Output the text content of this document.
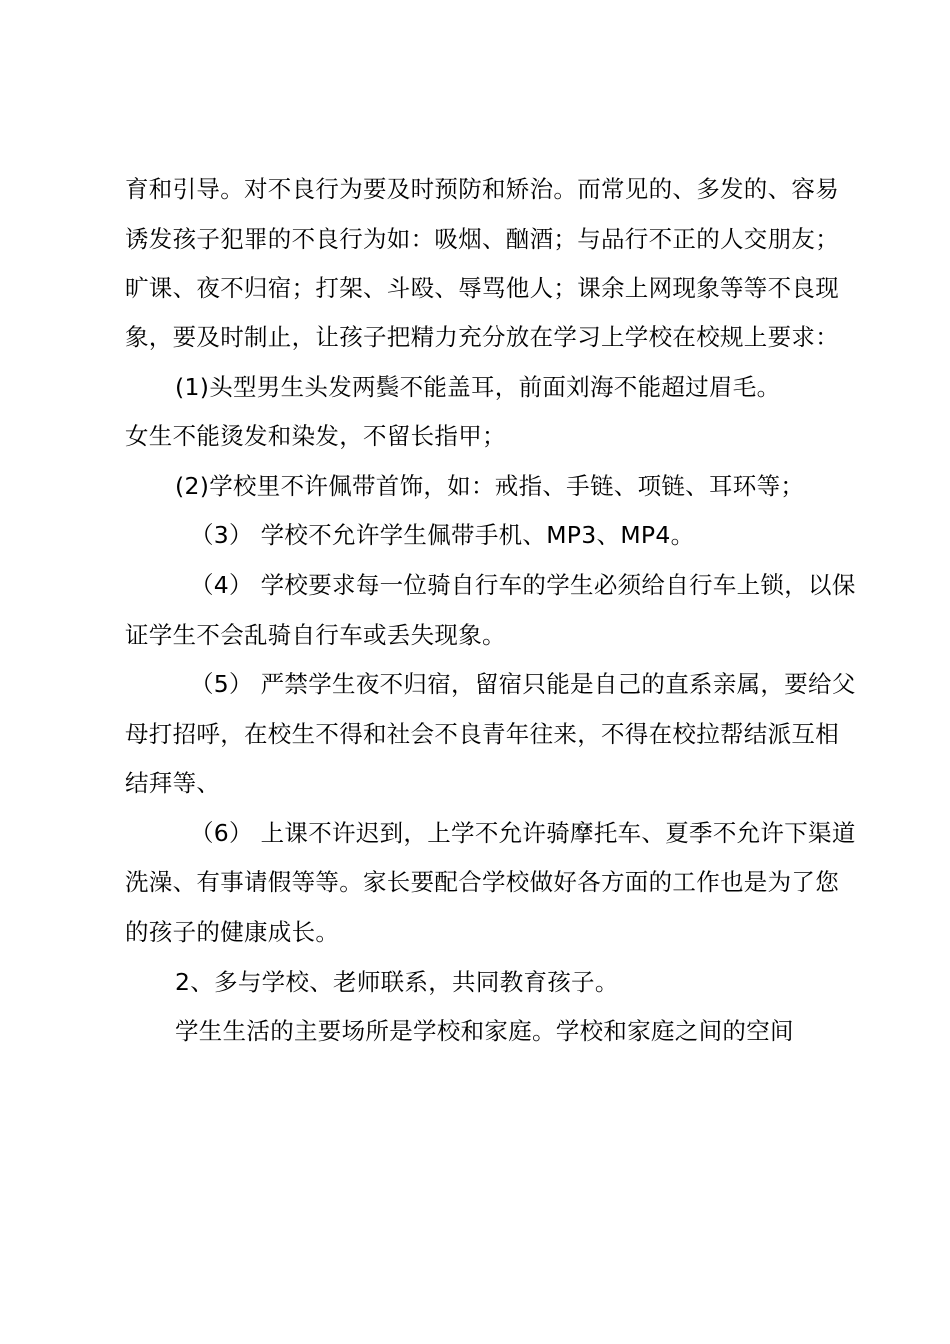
育和引导。对不良行为要及时预防和矫治。而常见的、多发的、容易
诱发孩子犯罪的不良行为如：吸烟、酗酒；与品行不正的人交朋友；
旷课、夜不归宿；打架、斗殴、辱骂他人；课余上网现象等等不良现
象，要及时制止，让孩子把精力充分放在学习上学校在校规上要求：
(1)头型男生头发两鬓不能盖耳，前面刘海不能超过眉毛。
女生不能烫发和染发，不留长指甲；
(2)学校里不许佩带首饰，如：戒指、手链、项链、耳环等；
（3） 学校不允许学生佩带手机、MP3、MP4。
（4） 学校要求每一位骑自行车的学生必须给自行车上锁，以保
证学生不会乱骑自行车或丢失现象。
（5） 严禁学生夜不归宿，留宿只能是自己的直系亲属，要给父
母打招呼，在校生不得和社会不良青年往来，不得在校拉帮结派互相
结拜等、
（6） 上课不许迟到，上学不允许骑摩托车、夏季不允许下渠道
洗澡、有事请假等等。家长要配合学校做好各方面的工作也是为了您
的孩子的健康成长。
2、多与学校、老师联系，共同教育孩子。
学生生活的主要场所是学校和家庭。学校和家庭之间的空间
